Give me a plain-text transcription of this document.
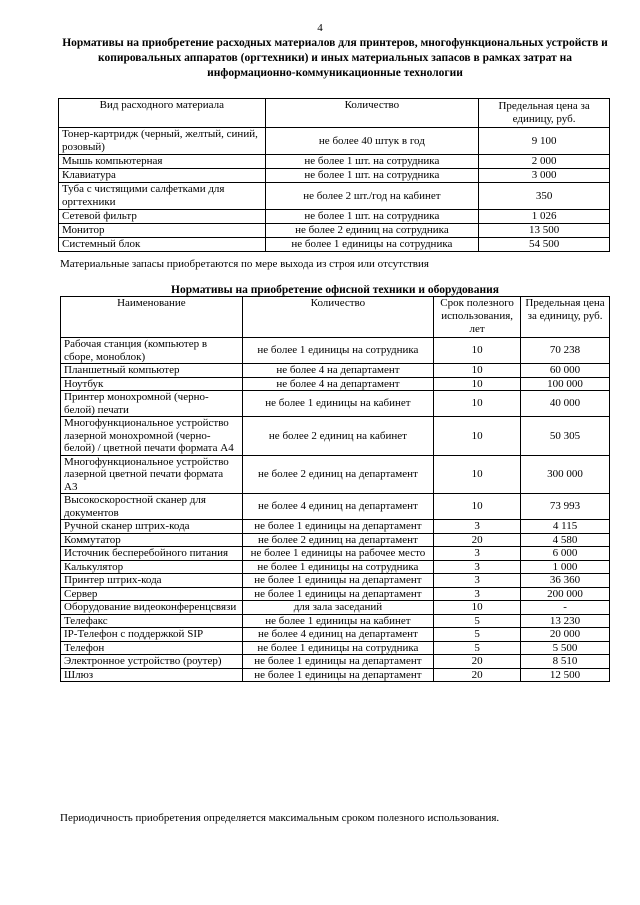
4
Нормативы на приобретение расходных материалов для принтеров, многофункциональных устройств и копировальных аппаратов (оргтехники) и иных материальных запасов в рамках затрат на информационно-коммуникационные технологии
Вид расходного материала	Количество	Предельная цена за единицу, руб.
Тонер-картридж (черный, желтый, синий, розовый)	не более 40 штук в год	9 100
Мышь компьютерная	не более 1 шт. на сотрудника	2 000
Клавиатура	не более 1 шт. на сотрудника	3 000
Туба с чистящими салфетками для оргтехники	не более 2 шт./год на кабинет	350
Сетевой фильтр	не более 1 шт. на сотрудника	1 026
Монитор	не более 2 единиц на сотрудника	13 500
Системный блок	не более 1 единицы на сотрудника	54 500
Материальные запасы приобретаются по мере выхода из строя или отсутствия
Нормативы на приобретение офисной техники и оборудования
Наименование	Количество	Срок полезного использования, лет	Предельная цена за единицу, руб.
Рабочая станция (компьютер в сборе, моноблок)	не более 1 единицы на сотрудника	10	70 238
Планшетный компьютер	не более 4 на департамент	10	60 000
Ноутбук	не более 4 на департамент	10	100 000
Принтер монохромной (черно-белой) печати	не более 1 единицы на кабинет	10	40 000
Многофункциональное устройство лазерной монохромной (черно-белой) / цветной печати формата А4	не более 2 единиц на кабинет	10	50 305
Многофункциональное устройство лазерной цветной печати формата А3	не более 2 единиц на департамент	10	300 000
Высокоскоростной сканер для документов	не более 4 единиц на департамент	10	73 993
Ручной сканер штрих-кода	не более 1 единицы на департамент	3	4 115
Коммутатор	не более 2 единиц на департамент	20	4 580
Источник бесперебойного питания	не более 1 единицы на рабочее место	3	6 000
Калькулятор	не более 1 единицы на сотрудника	3	1 000
Принтер штрих-кода	не более 1 единицы на департамент	3	36 360
Сервер	не более 1 единицы на департамент	3	200 000
Оборудование видеоконференцсвязи	для зала заседаний	10	-
Телефакс	не более 1 единицы на кабинет	5	13 230
IP-Телефон с поддержкой SIP	не более 4 единиц на департамент	5	20 000
Телефон	не более 1 единицы на сотрудника	5	5 500
Электронное устройство (роутер)	не более 1 единицы на департамент	20	8 510
Шлюз	не более 1 единицы на департамент	20	12 500
Периодичность приобретения определяется максимальным сроком полезного использования.
